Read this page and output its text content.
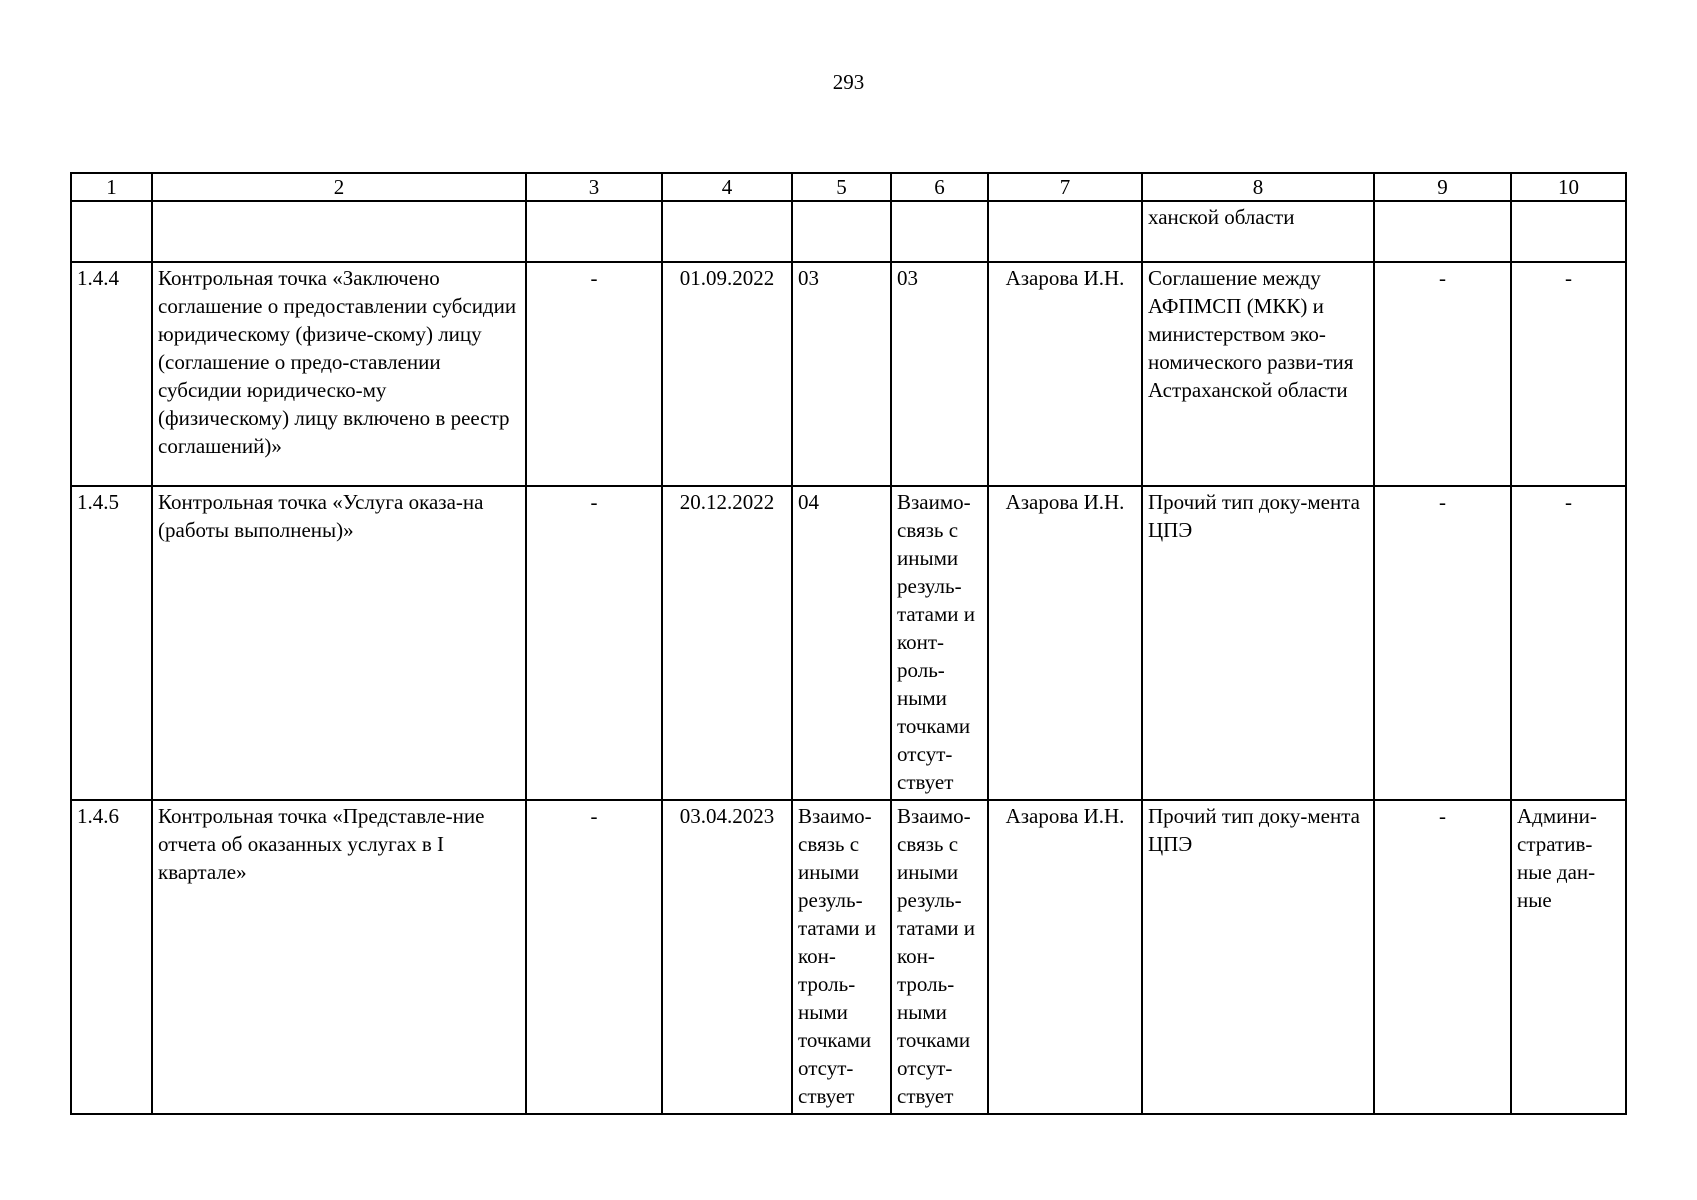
293
1	2	3	4	5	6	7	8	9	10
							ханской области		
1.4.4	Контрольная точка «Заключено соглашение о предоставлении субсидии юридическому (физиче-скому) лицу (соглашение о предо-ставлении субсидии юридическо-му (физическому) лицу включено в реестр соглашений)»	-	01.09.2022	03	03	Азарова И.Н.	Соглашение между АФПМСП (МКК) и министерством эко-номического разви-тия Астраханской области	-	-
1.4.5	Контрольная точка «Услуга оказа-на (работы выполнены)»	-	20.12.2022	04	Взаимо-связь с иными резуль-татами и конт-роль-ными точками отсут-ствует	Азарова И.Н.	Прочий тип доку-мента ЦПЭ	-	-
1.4.6	Контрольная точка «Представле-ние отчета об оказанных услугах в I квартале»	-	03.04.2023	Взаимо-связь с иными резуль-татами и кон-троль-ными точками отсут-ствует	Взаимо-связь с иными резуль-татами и кон-троль-ными точками отсут-ствует	Азарова И.Н.	Прочий тип доку-мента ЦПЭ	-	Админи-стратив-ные дан-ные
